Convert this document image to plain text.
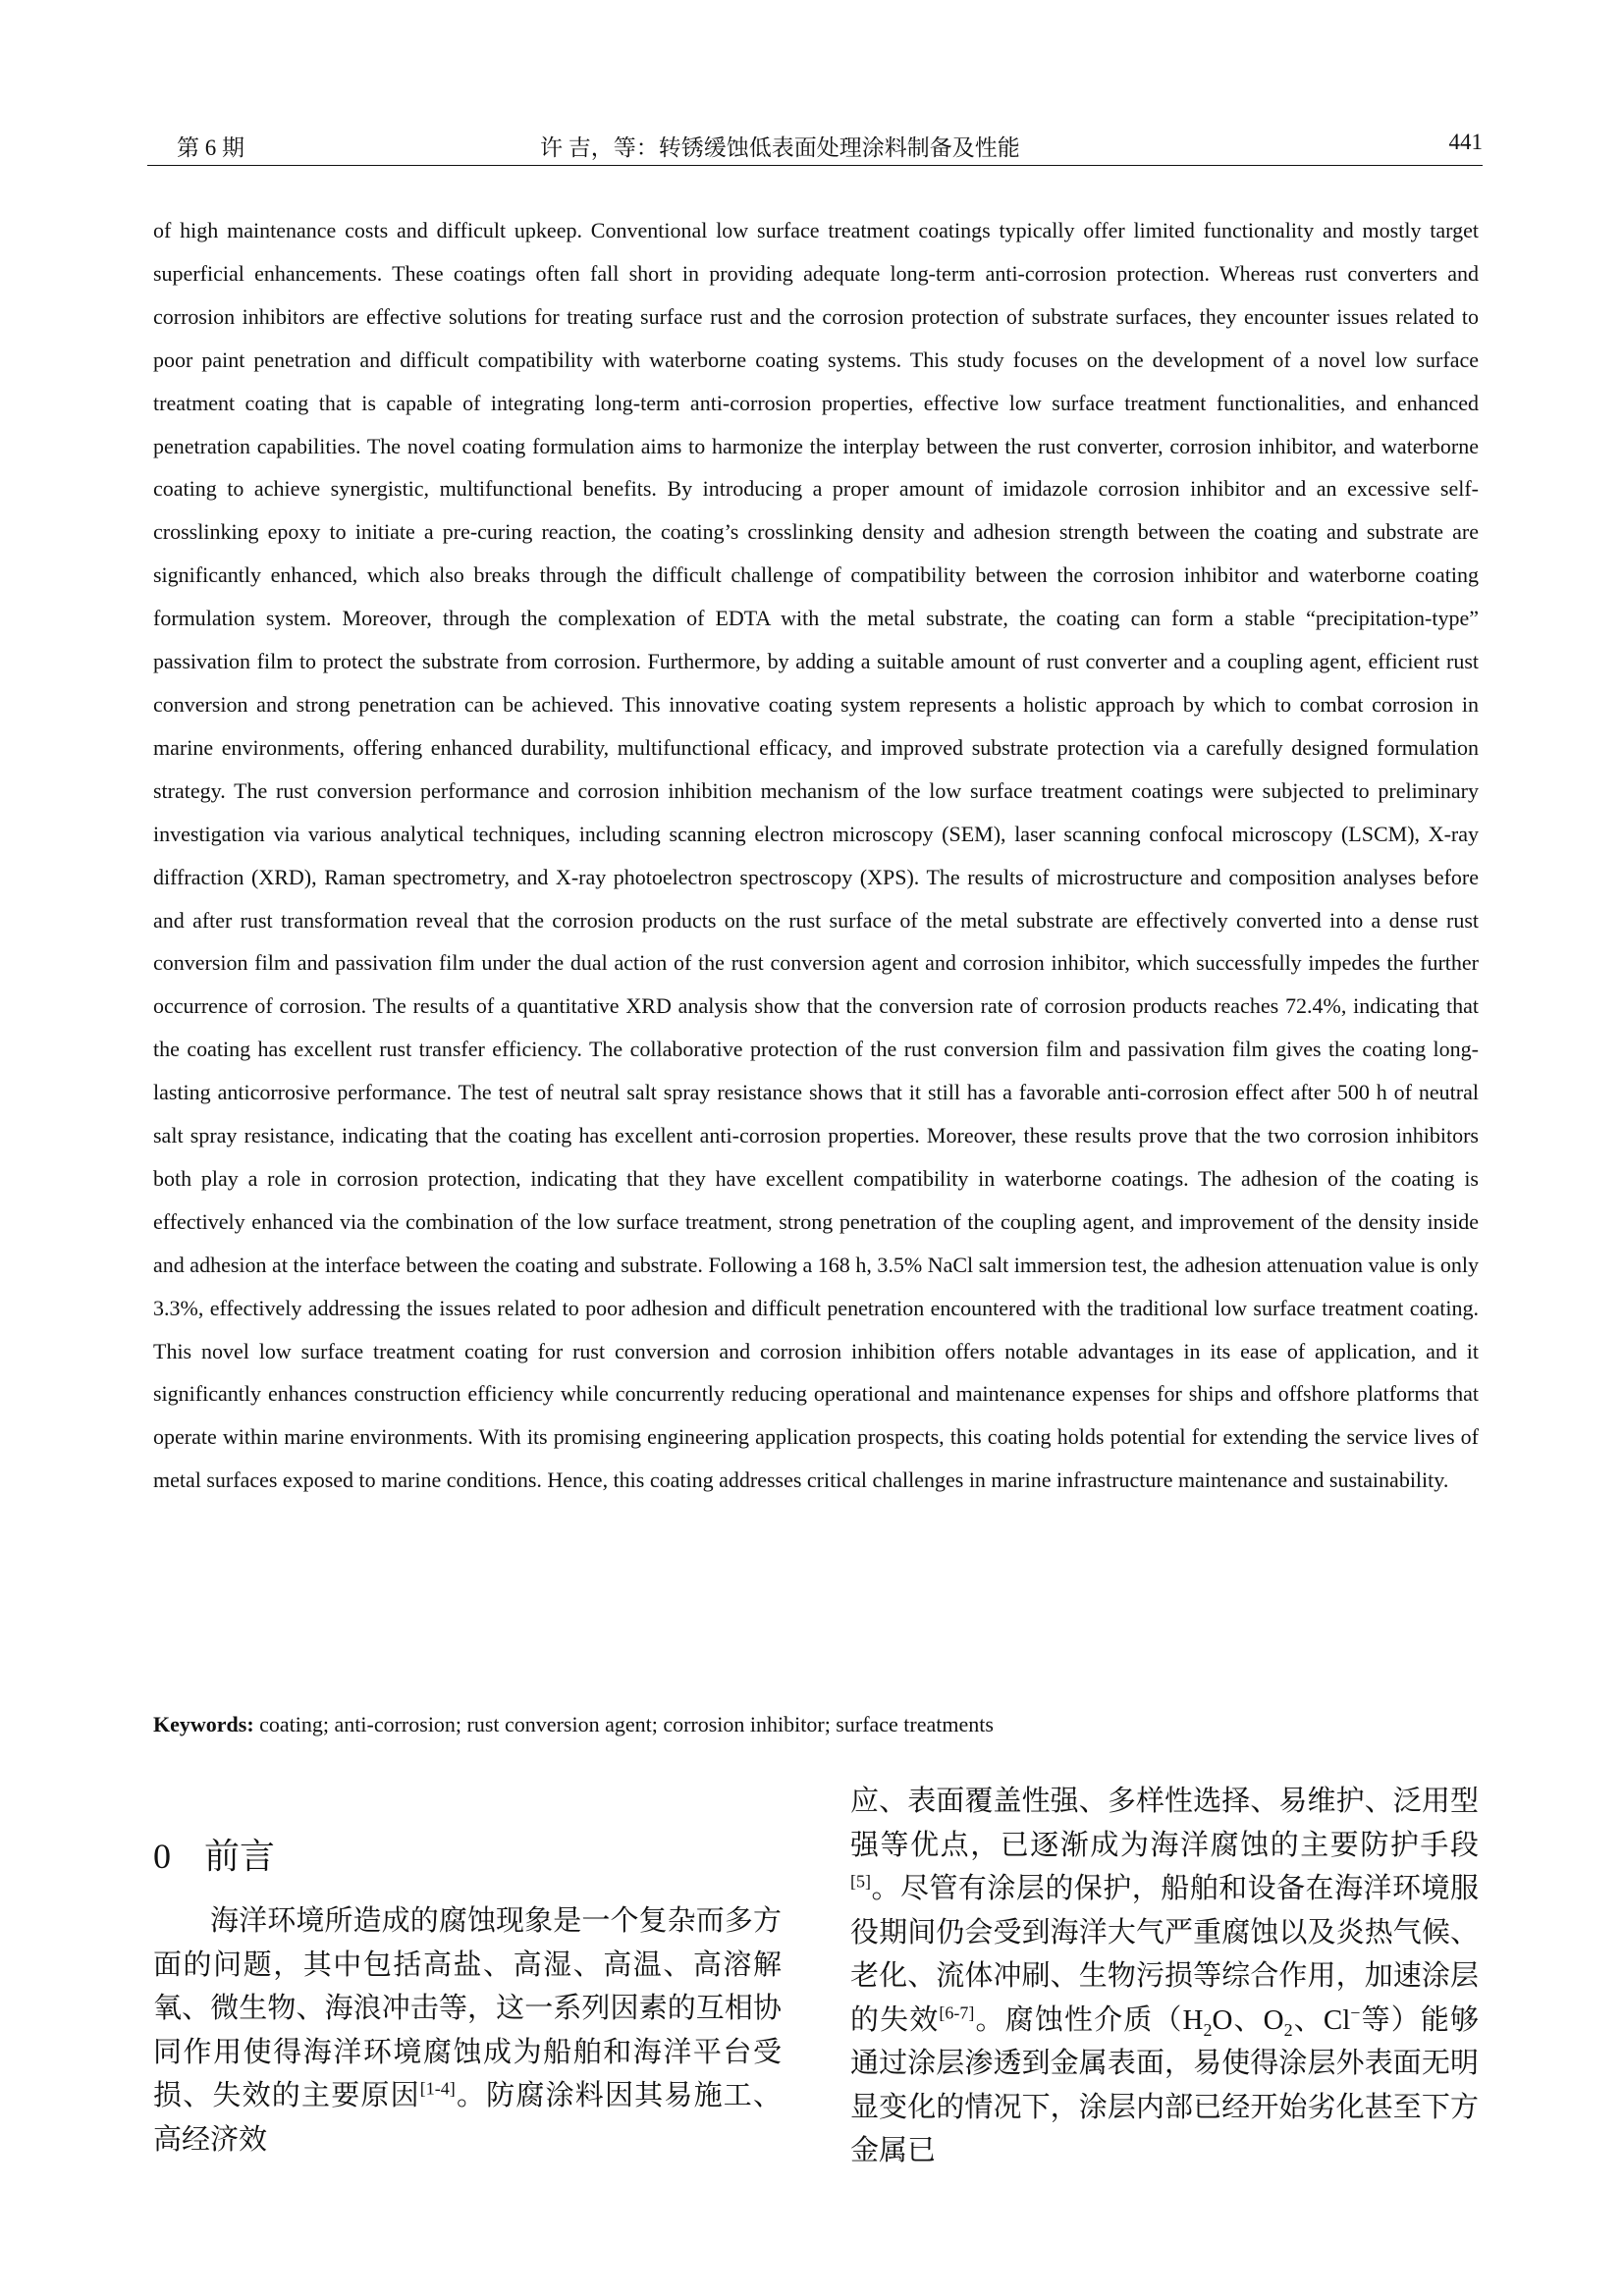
第 6 期	许 吉，等：转锈缓蚀低表面处理涂料制备及性能	441

of high maintenance costs and difficult upkeep. Conventional low surface treatment coatings typically offer limited functionality and mostly target superficial enhancements. These coatings often fall short in providing adequate long-term anti-corrosion protection. Whereas rust converters and corrosion inhibitors are effective solutions for treating surface rust and the corrosion protection of substrate surfaces, they encounter issues related to poor paint penetration and difficult compatibility with waterborne coating systems. This study focuses on the development of a novel low surface treatment coating that is capable of integrating long-term anti-corrosion properties, effective low surface treatment functionalities, and enhanced penetration capabilities. The novel coating formulation aims to harmonize the interplay between the rust converter, corrosion inhibitor, and waterborne coating to achieve synergistic, multifunctional benefits. By introducing a proper amount of imidazole corrosion inhibitor and an excessive self-crosslinking epoxy to initiate a pre-curing reaction, the coating’s crosslinking density and adhesion strength between the coating and substrate are significantly enhanced, which also breaks through the difficult challenge of compatibility between the corrosion inhibitor and waterborne coating formulation system. Moreover, through the complexation of EDTA with the metal substrate, the coating can form a stable “precipitation-type” passivation film to protect the substrate from corrosion. Furthermore, by adding a suitable amount of rust converter and a coupling agent, efficient rust conversion and strong penetration can be achieved. This innovative coating system represents a holistic approach by which to combat corrosion in marine environments, offering enhanced durability, multifunctional efficacy, and improved substrate protection via a carefully designed formulation strategy. The rust conversion performance and corrosion inhibition mechanism of the low surface treatment coatings were subjected to preliminary investigation via various analytical techniques, including scanning electron microscopy (SEM), laser scanning confocal microscopy (LSCM), X-ray diffraction (XRD), Raman spectrometry, and X-ray photoelectron spectroscopy (XPS). The results of microstructure and composition analyses before and after rust transformation reveal that the corrosion products on the rust surface of the metal substrate are effectively converted into a dense rust conversion film and passivation film under the dual action of the rust conversion agent and corrosion inhibitor, which successfully impedes the further occurrence of corrosion. The results of a quantitative XRD analysis show that the conversion rate of corrosion products reaches 72.4%, indicating that the coating has excellent rust transfer efficiency. The collaborative protection of the rust conversion film and passivation film gives the coating long-lasting anticorrosive performance. The test of neutral salt spray resistance shows that it still has a favorable anti-corrosion effect after 500 h of neutral salt spray resistance, indicating that the coating has excellent anti-corrosion properties. Moreover, these results prove that the two corrosion inhibitors both play a role in corrosion protection, indicating that they have excellent compatibility in waterborne coatings. The adhesion of the coating is effectively enhanced via the combination of the low surface treatment, strong penetration of the coupling agent, and improvement of the density inside and adhesion at the interface between the coating and substrate. Following a 168 h, 3.5% NaCl salt immersion test, the adhesion attenuation value is only 3.3%, effectively addressing the issues related to poor adhesion and difficult penetration encountered with the traditional low surface treatment coating. This novel low surface treatment coating for rust conversion and corrosion inhibition offers notable advantages in its ease of application, and it significantly enhances construction efficiency while concurrently reducing operational and maintenance expenses for ships and offshore platforms that operate within marine environments. With its promising engineering application prospects, this coating holds potential for extending the service lives of metal surfaces exposed to marine conditions. Hence, this coating addresses critical challenges in marine infrastructure maintenance and sustainability.

Keywords: coating; anti-corrosion; rust conversion agent; corrosion inhibitor; surface treatments

0 前言

海洋环境所造成的腐蚀现象是一个复杂而多方面的问题，其中包括高盐、高湿、高温、高溶解氧、微生物、海浪冲击等，这一系列因素的互相协同作用使得海洋环境腐蚀成为船舶和海洋平台受损、失效的主要原因[1-4]。防腐涂料因其易施工、高经济效

应、表面覆盖性强、多样性选择、易维护、泛用型强等优点，已逐渐成为海洋腐蚀的主要防护手段[5]。尽管有涂层的保护，船舶和设备在海洋环境服役期间仍会受到海洋大气严重腐蚀以及炎热气候、老化、流体冲刷、生物污损等综合作用，加速涂层的失效[6-7]。腐蚀性介质（$H_2O$、$O_2$、Cl−等）能够通过涂层渗透到金属表面，易使得涂层外表面无明显变化的情况下，涂层内部已经开始劣化甚至下方金属已
